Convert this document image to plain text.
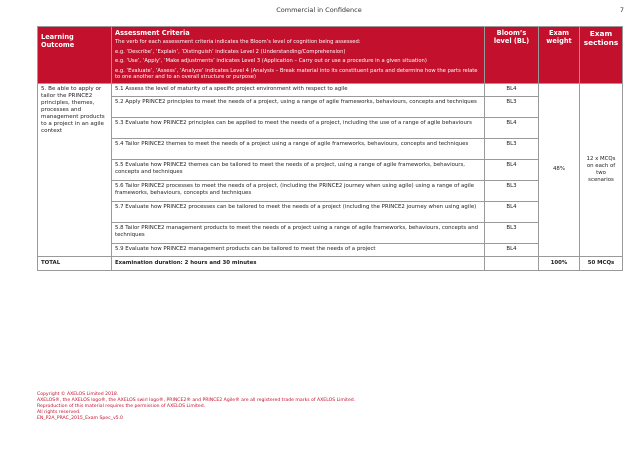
Commercial in Confidence	7
Learning Outcome	Assessment Criteria

The verb for each assessment criteria indicates the Bloom’s level of cognition being assessed:

e.g. ‘Describe’, ‘Explain’, ‘Distinguish’ indicates Level 2 (Understanding/Comprehension)

e.g. ‘Use’, ‘Apply’, ‘Make adjustments’ indicates Level 3 (Application – Carry out or use a procedure in a given situation)

e.g. ‘Evaluate’, ‘Assess’, ‘Analyze’ indicates Level 4 (Analysis – Break material into its constituent parts and determine how the parts relate to one another and to an overall structure or purpose)	Bloom’s level (BL)	Exam weight	Exam sections

5. Be able to apply or tailor the PRINCE2 principles, themes, processes and management products to a project in an agile context	5.1 Assess the level of maturity of a specific project environment with respect to agile	BL4	48%	12 x MCQs on each of two scenarios
	5.2 Apply PRINCE2 principles to meet the needs of a project, using a range of agile frameworks, behaviours, concepts and techniques	BL3		
	5.3 Evaluate how PRINCE2 principles can be applied to meet the needs of a project, including the use of a range of agile behaviours	BL4		
	5.4 Tailor PRINCE2 themes to meet the needs of a project using a range of agile frameworks, behaviours, concepts and techniques	BL3		
	5.5 Evaluate how PRINCE2 themes can be tailored to meet the needs of a project, using a range of agile frameworks, behaviours, concepts and techniques	BL4		
	5.6 Tailor PRINCE2 processes to meet the needs of a project, (including the PRINCE2 journey when using agile) using a range of agile frameworks, behaviours, concepts and techniques	BL3		
	5.7 Evaluate how PRINCE2 processes can be tailored to meet the needs of a project (including the PRINCE2 journey when using agile)	BL4		
	5.8 Tailor PRINCE2 management products to meet the needs of a project using a range of agile frameworks, behaviours, concepts and techniques	BL3		
	5.9 Evaluate how PRINCE2 management products can be tailored to meet the needs of a project	BL4		
TOTAL	Examination duration: 2 hours and 30 minutes		100%	50 MCQs
Copyright © AXELOS Limited 2018.
AXELOS®, the AXELOS logo®, the AXELOS swirl logo®, PRINCE2® and PRINCE2 Agile® are all registered trade marks of AXELOS Limited.
Reproduction of this material requires the permission of AXELOS Limited.
All rights reserved.
EN_P2A_PRAC_2015_Exam Spec_v5.0
